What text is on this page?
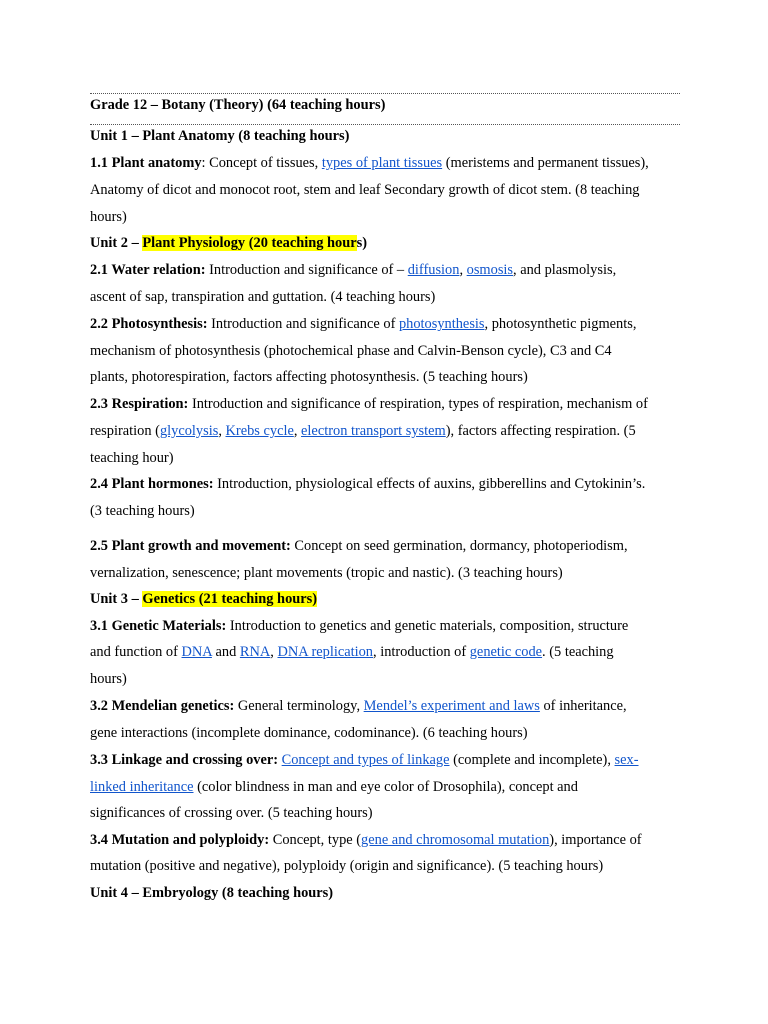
Grade 12 – Botany (Theory) (64 teaching hours)
Unit 1 – Plant Anatomy (8 teaching hours)
1.1 Plant anatomy: Concept of tissues, types of plant tissues (meristems and permanent tissues),
Anatomy of dicot and monocot root, stem and leaf Secondary growth of dicot stem. (8 teaching
hours)
Unit 2 – Plant Physiology (20 teaching hours)
2.1 Water relation: Introduction and significance of – diffusion, osmosis, and plasmolysis,
ascent of sap, transpiration and guttation. (4 teaching hours)
2.2 Photosynthesis: Introduction and significance of photosynthesis, photosynthetic pigments,
mechanism of photosynthesis (photochemical phase and Calvin-Benson cycle), C3 and C4
plants, photorespiration, factors affecting photosynthesis. (5 teaching hours)
2.3 Respiration: Introduction and significance of respiration, types of respiration, mechanism of
respiration (glycolysis, Krebs cycle, electron transport system), factors affecting respiration. (5
teaching hour)
2.4 Plant hormones: Introduction, physiological effects of auxins, gibberellins and Cytokinin’s.
(3 teaching hours)
2.5 Plant growth and movement: Concept on seed germination, dormancy, photoperiodism,
vernalization, senescence; plant movements (tropic and nastic). (3 teaching hours)
Unit 3 – Genetics (21 teaching hours)
3.1 Genetic Materials: Introduction to genetics and genetic materials, composition, structure
and function of DNA and RNA, DNA replication, introduction of genetic code. (5 teaching
hours)
3.2 Mendelian genetics: General terminology, Mendel’s experiment and laws of inheritance,
gene interactions (incomplete dominance, codominance). (6 teaching hours)
3.3 Linkage and crossing over: Concept and types of linkage (complete and incomplete), sex-
linked inheritance (color blindness in man and eye color of Drosophila), concept and
significances of crossing over. (5 teaching hours)
3.4 Mutation and polyploidy: Concept, type (gene and chromosomal mutation), importance of
mutation (positive and negative), polyploidy (origin and significance). (5 teaching hours)
Unit 4 – Embryology (8 teaching hours)
